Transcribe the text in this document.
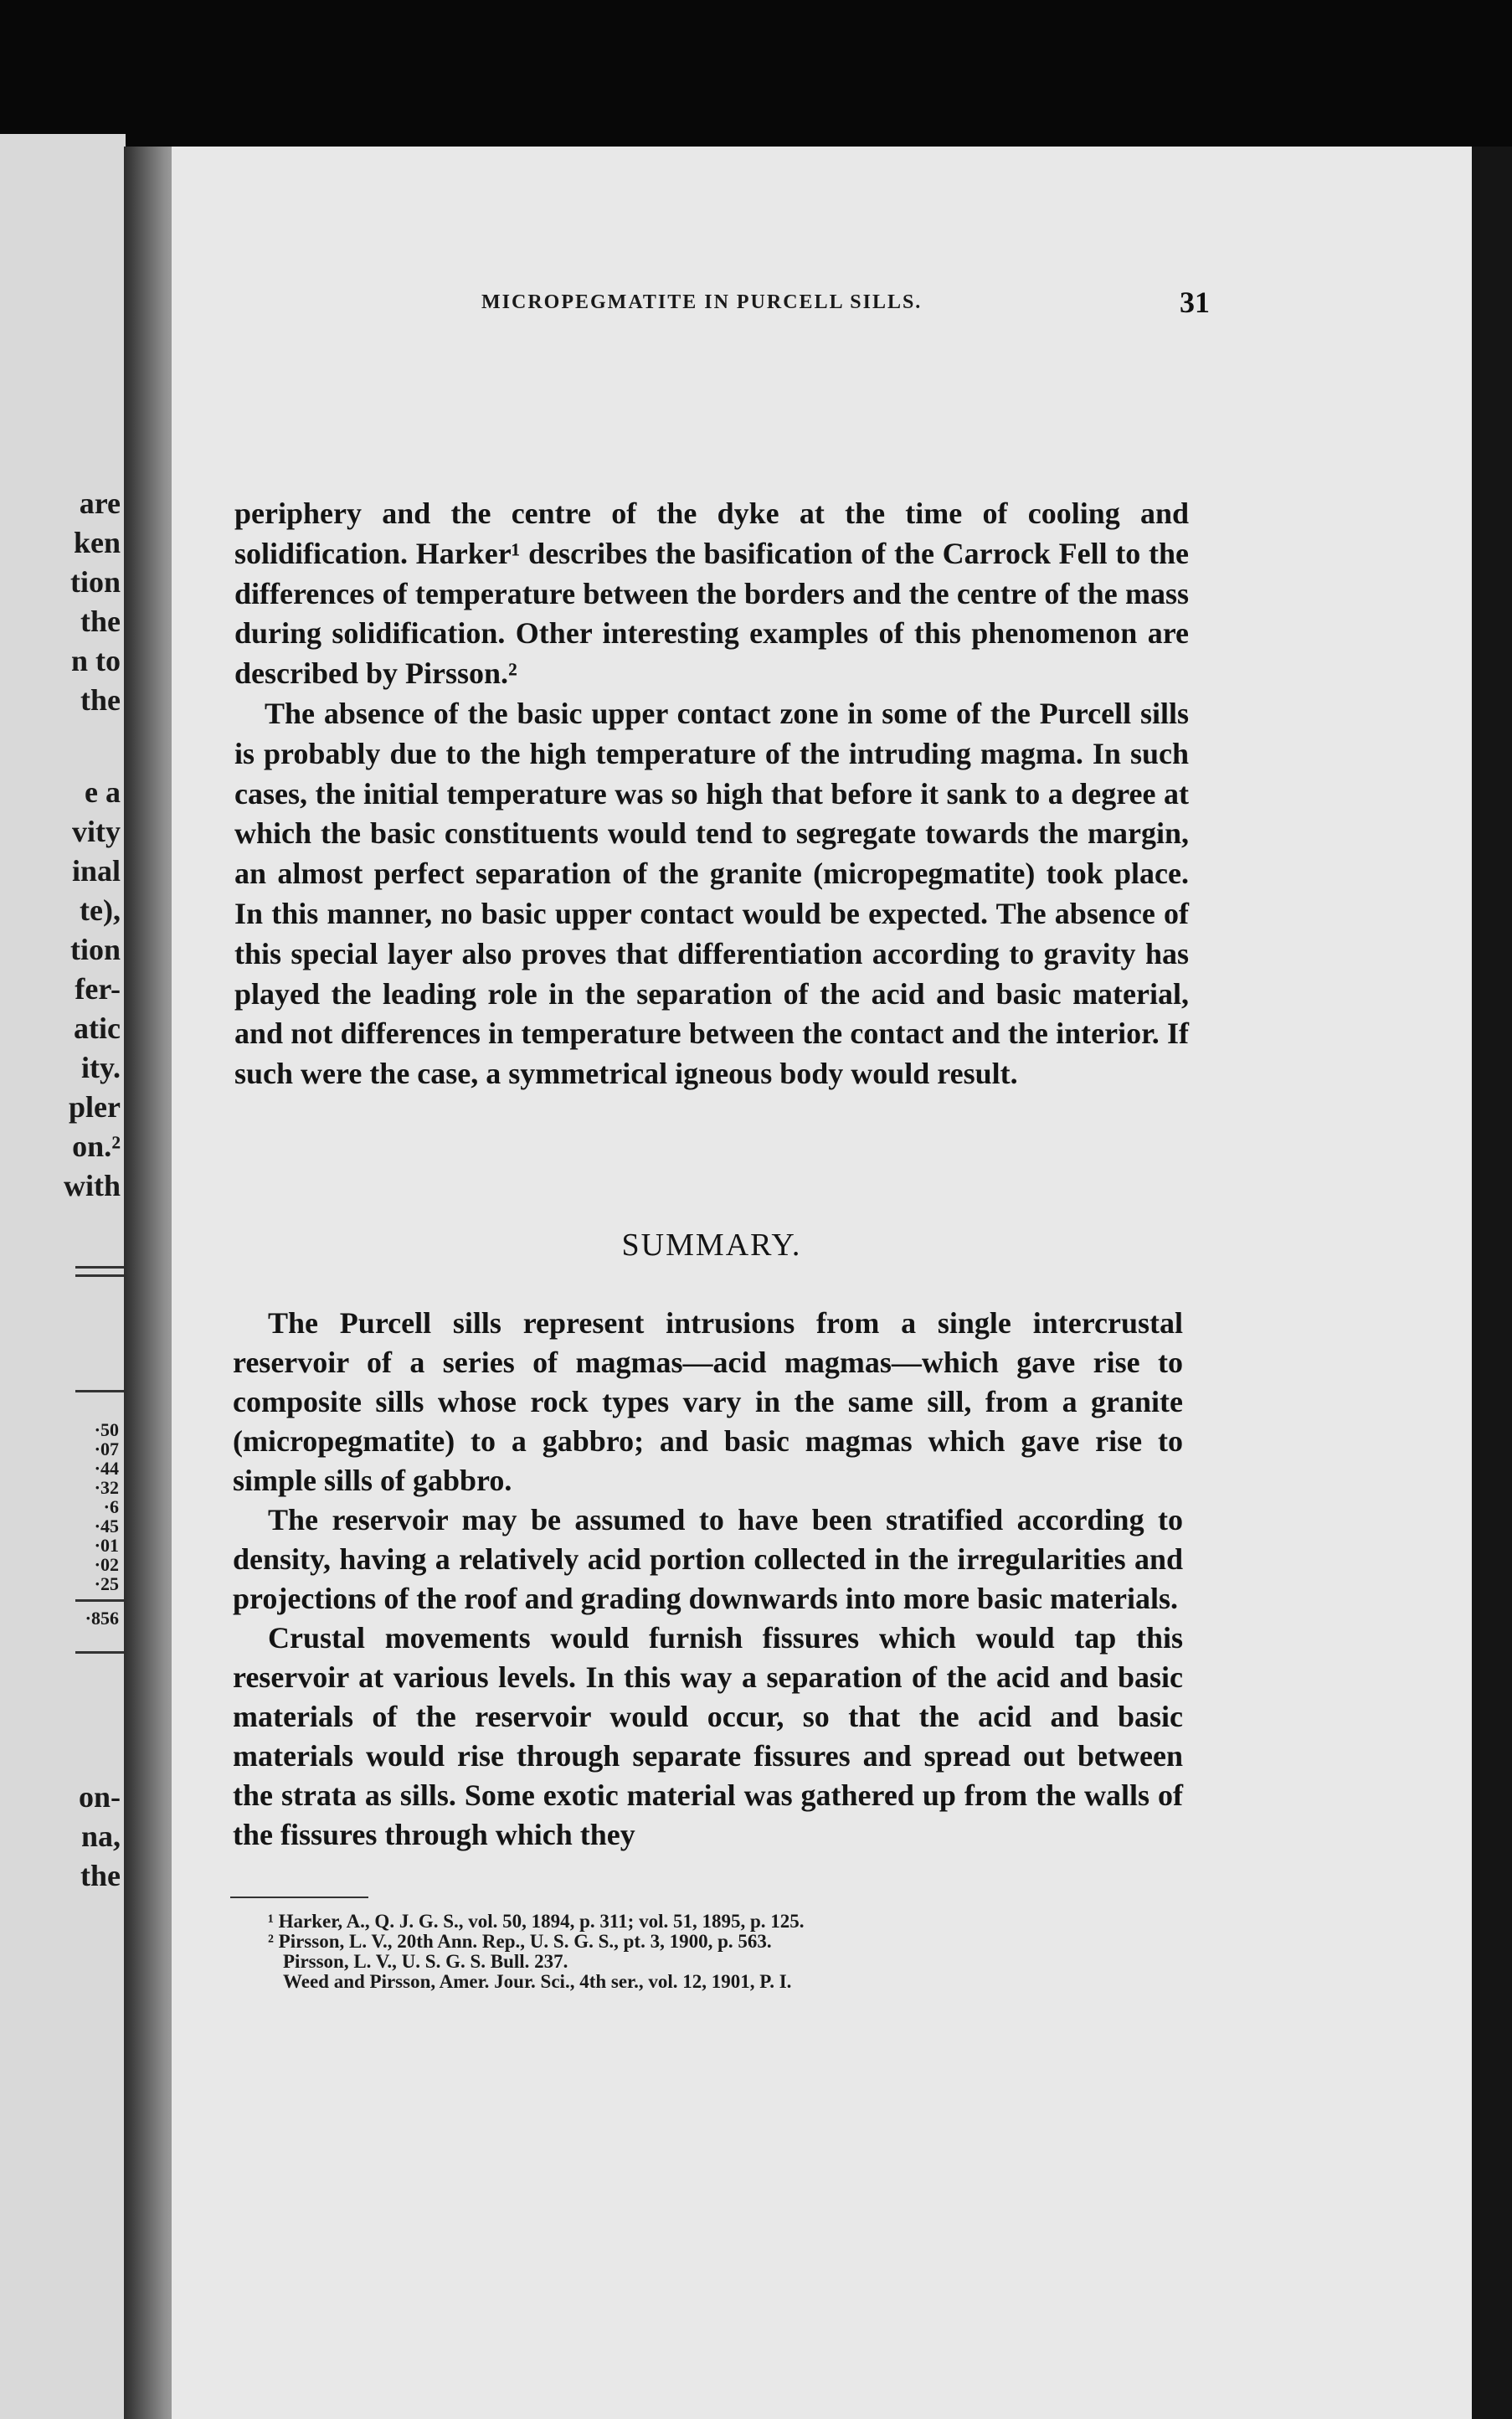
are
ken
tion
the
n to
the
e a
vity
inal
te),
tion
fer-
atic
ity.
pler
on.²
with
·50
·07
·44
·32
·6
·45
·01
·02
·25
·856
on-
na,
the
MICROPEGMATITE IN PURCELL SILLS.	31

periphery and the centre of the dyke at the time of cooling and solidification. Harker¹ describes the basification of the Carrock Fell to the differences of temperature between the borders and the centre of the mass during solidification. Other interesting examples of this phenomenon are described by Pirsson.²

The absence of the basic upper contact zone in some of the Purcell sills is probably due to the high temperature of the intruding magma. In such cases, the initial temperature was so high that before it sank to a degree at which the basic constituents would tend to segregate towards the margin, an almost perfect separation of the granite (micropegmatite) took place. In this manner, no basic upper contact would be expected. The absence of this special layer also proves that differentiation according to gravity has played the leading role in the separation of the acid and basic material, and not differences in temperature between the contact and the interior. If such were the case, a symmetrical igneous body would result.

SUMMARY.

The Purcell sills represent intrusions from a single intercrustal reservoir of a series of magmas—acid magmas—which gave rise to composite sills whose rock types vary in the same sill, from a granite (micropegmatite) to a gabbro; and basic magmas which gave rise to simple sills of gabbro.

The reservoir may be assumed to have been stratified according to density, having a relatively acid portion collected in the irregularities and projections of the roof and grading downwards into more basic materials.

Crustal movements would furnish fissures which would tap this reservoir at various levels. In this way a separation of the acid and basic materials of the reservoir would occur, so that the acid and basic materials would rise through separate fissures and spread out between the strata as sills. Some exotic material was gathered up from the walls of the fissures through which they

¹ Harker, A., Q. J. G. S., vol. 50, 1894, p. 311; vol. 51, 1895, p. 125.
² Pirsson, L. V., 20th Ann. Rep., U. S. G. S., pt. 3, 1900, p. 563.
Pirsson, L. V., U. S. G. S. Bull. 237.
Weed and Pirsson, Amer. Jour. Sci., 4th ser., vol. 12, 1901, P. I.
